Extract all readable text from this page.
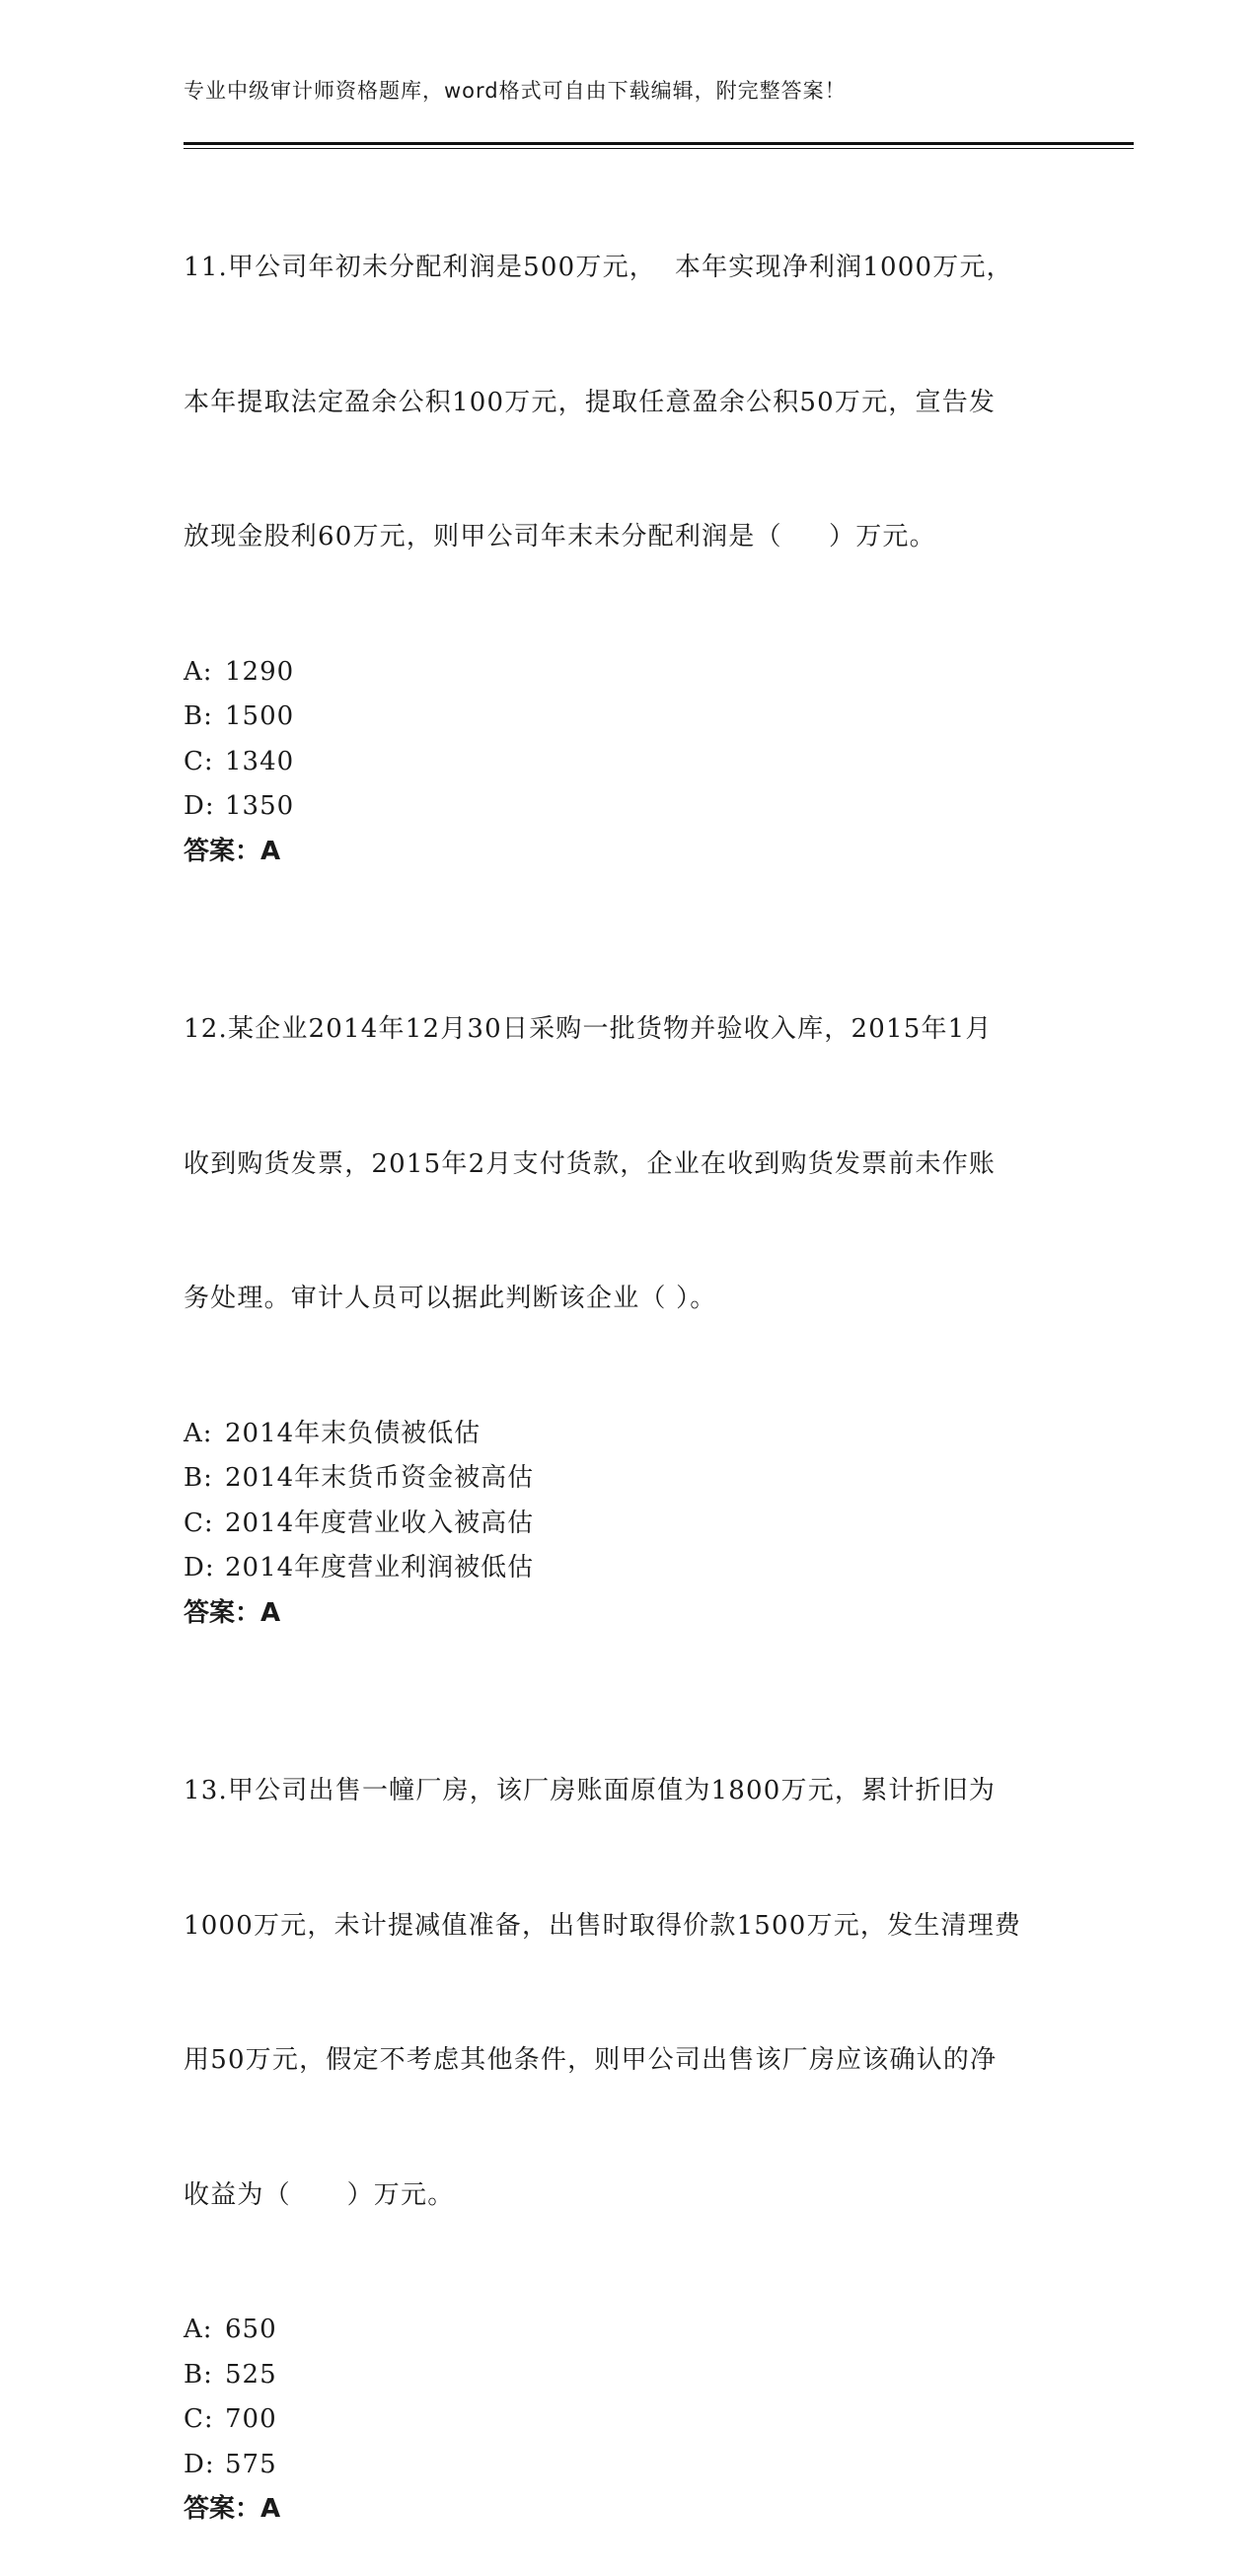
专业中级审计师资格题库，word格式可自由下载编辑，附完整答案！

11.甲公司年初未分配利润是500万元，  本年实现净利润1000万元，

本年提取法定盈余公积100万元，提取任意盈余公积50万元，宣告发

放现金股利60万元，则甲公司年末未分配利润是（     ）万元。

A: 1290
B: 1500
C: 1340
D: 1350
答案：A

12.某企业2014年12月30日采购一批货物并验收入库，2015年1月

收到购货发票，2015年2月支付货款，企业在收到购货发票前未作账

务处理。审计人员可以据此判断该企业（ ）。

A: 2014年末负债被低估
B: 2014年末货币资金被高估
C: 2014年度营业收入被高估
D: 2014年度营业利润被低估
答案：A

13.甲公司出售一幢厂房，该厂房账面原值为1800万元，累计折旧为

1000万元，未计提减值准备，出售时取得价款1500万元，发生清理费

用50万元，假定不考虑其他条件，则甲公司出售该厂房应该确认的净

收益为（      ）万元。

A: 650
B: 525
C: 700
D: 575
答案：A
